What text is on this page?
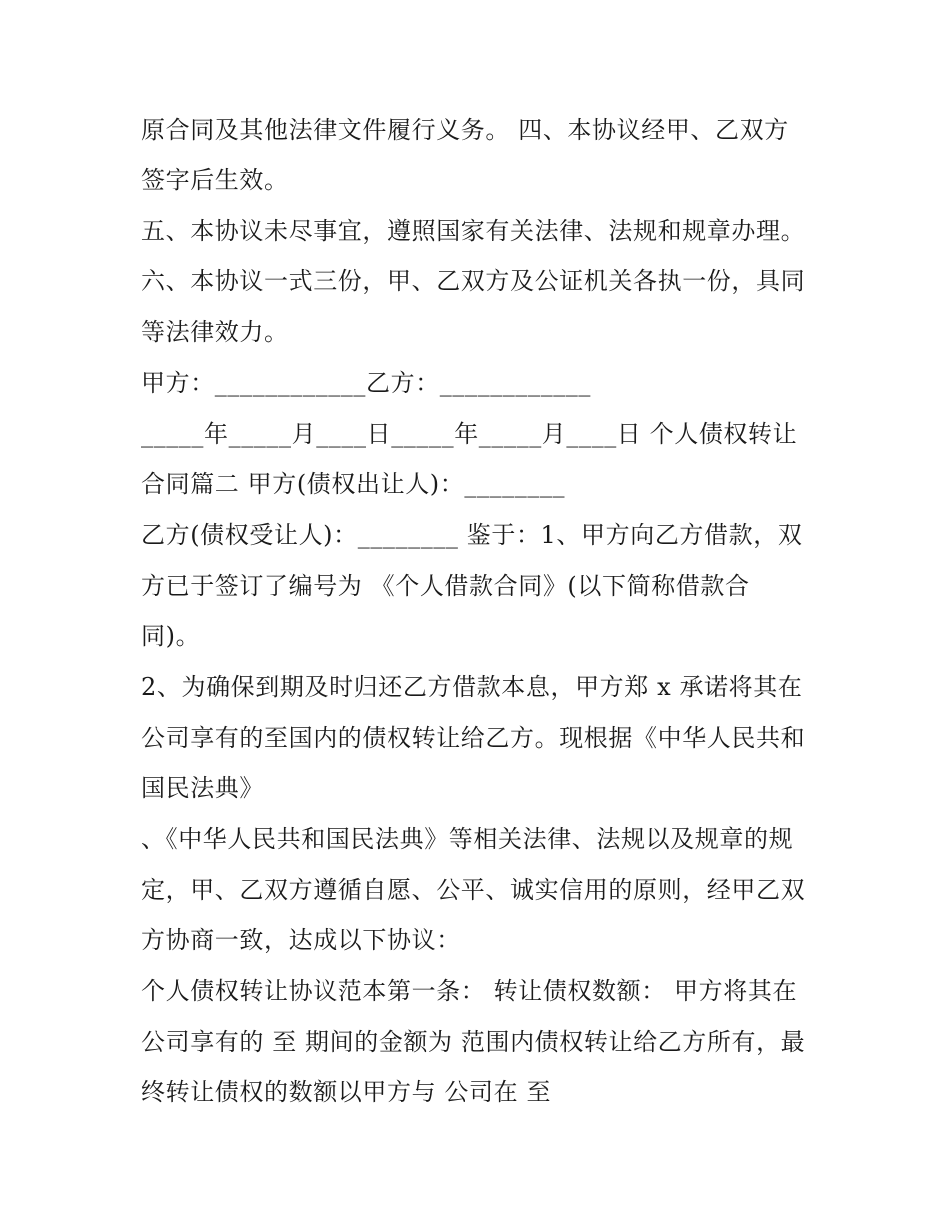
原合同及其他法律文件履行义务。 四、本协议经甲、乙双方
签字后生效。
五、本协议未尽事宜，遵照国家有关法律、法规和规章办理。
六、本协议一式三份，甲、乙双方及公证机关各执一份，具同
等法律效力。
甲方：____________乙方：____________
_____年_____月____日_____年_____月____日 个人债权转让
合同篇二 甲方(债权出让人)：________
乙方(债权受让人)：________ 鉴于：1、甲方向乙方借款，双
方已于签订了编号为 《个人借款合同》(以下简称借款合
同)。
2、为确保到期及时归还乙方借款本息，甲方郑 x 承诺将其在
公司享有的至国内的债权转让给乙方。现根据《中华人民共和
国民法典》
、《中华人民共和国民法典》等相关法律、法规以及规章的规
定，甲、乙双方遵循自愿、公平、诚实信用的原则，经甲乙双
方协商一致，达成以下协议：
个人债权转让协议范本第一条： 转让债权数额： 甲方将其在
公司享有的 至 期间的金额为 范围内债权转让给乙方所有，最
终转让债权的数额以甲方与 公司在 至
